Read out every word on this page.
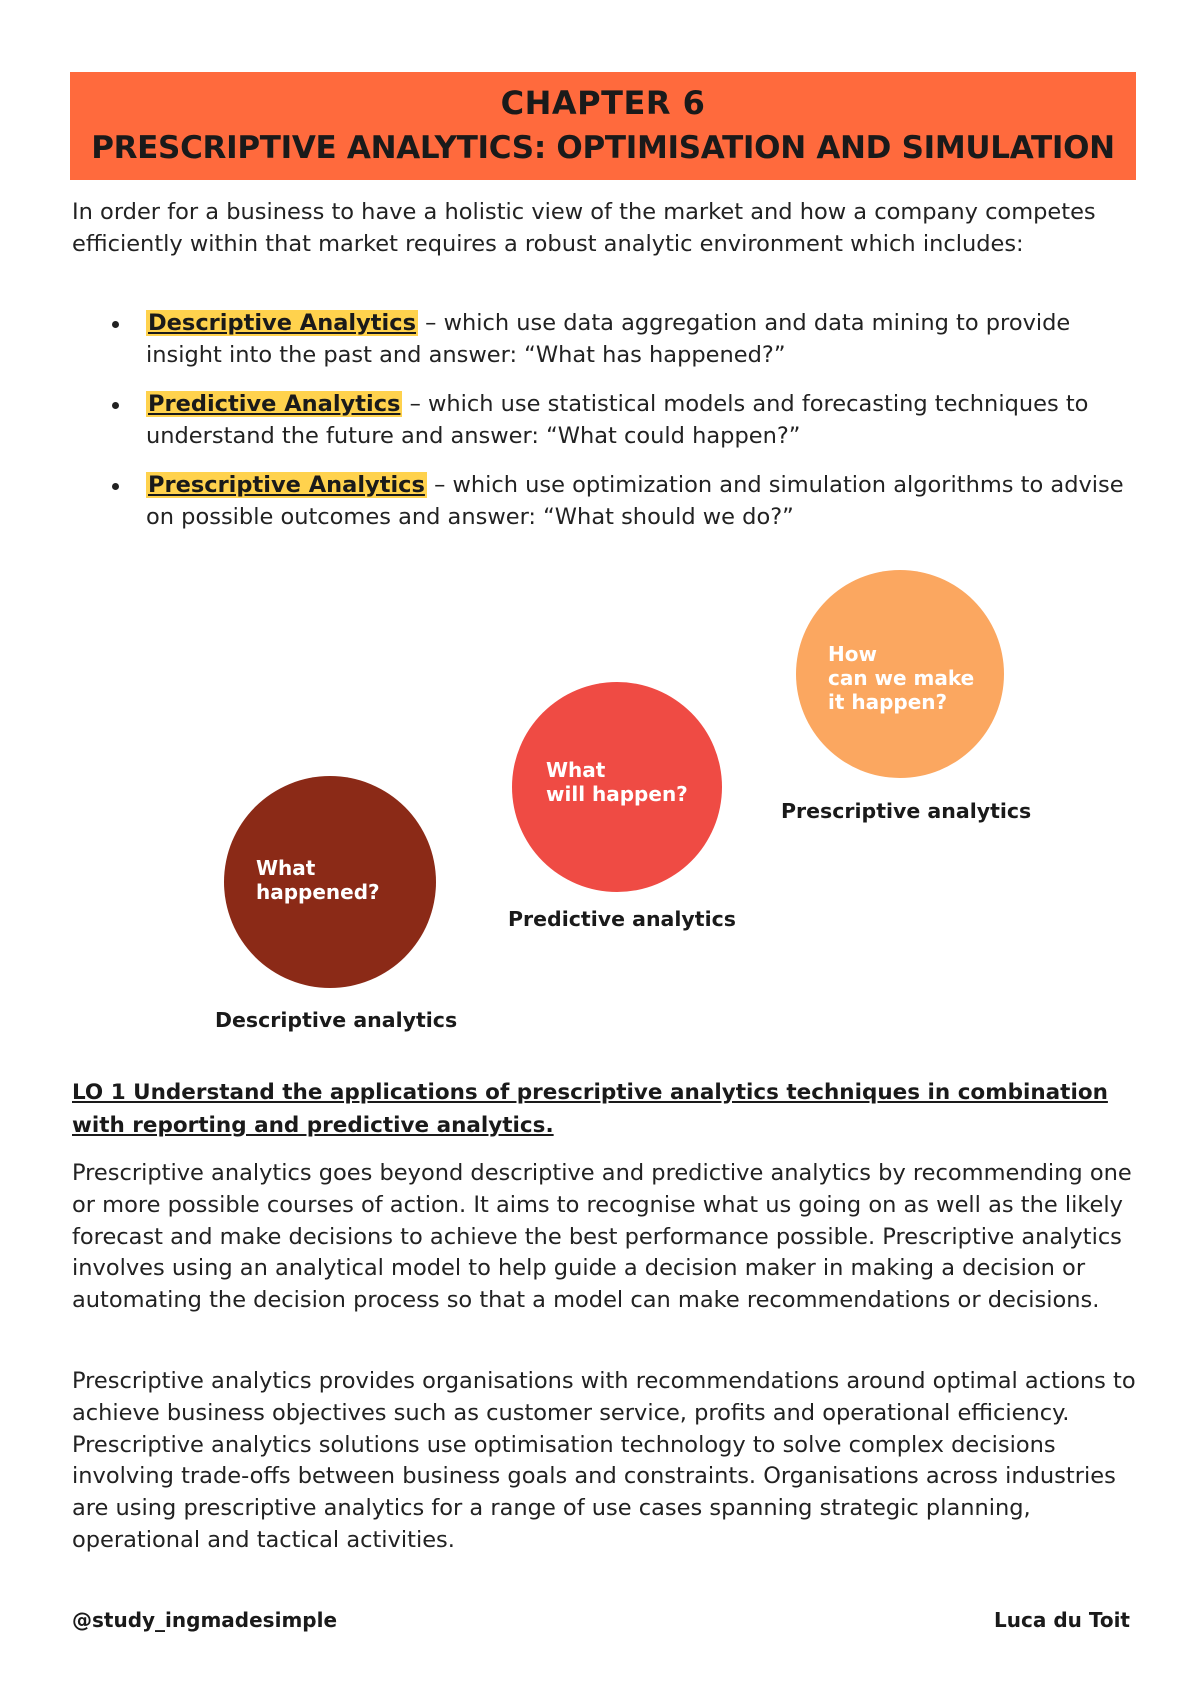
CHAPTER 6
PRESCRIPTIVE ANALYTICS: OPTIMISATION AND SIMULATION

In order for a business to have a holistic view of the market and how a company competes efficiently within that market requires a robust analytic environment which includes:

Descriptive Analytics – which use data aggregation and data mining to provide insight into the past and answer: “What has happened?”
Predictive Analytics – which use statistical models and forecasting techniques to understand the future and answer: “What could happen?”
Prescriptive Analytics – which use optimization and simulation algorithms to advise on possible outcomes and answer: “What should we do?”
What
happened?
Descriptive analytics
What
will happen?
Predictive analytics
How
can we make
it happen?
Prescriptive analytics

LO 1 Understand the applications of prescriptive analytics techniques in combination with reporting and predictive analytics.

Prescriptive analytics goes beyond descriptive and predictive analytics by recommending one or more possible courses of action. It aims to recognise what us going on as well as the likely forecast and make decisions to achieve the best performance possible. Prescriptive analytics involves using an analytical model to help guide a decision maker in making a decision or automating the decision process so that a model can make recommendations or decisions.

Prescriptive analytics provides organisations with recommendations around optimal actions to achieve business objectives such as customer service, profits and operational efficiency. Prescriptive analytics solutions use optimisation technology to solve complex decisions involving trade-offs between business goals and constraints. Organisations across industries are using prescriptive analytics for a range of use cases spanning strategic planning, operational and tactical activities.

@study_ingmadesimple	Luca du Toit
